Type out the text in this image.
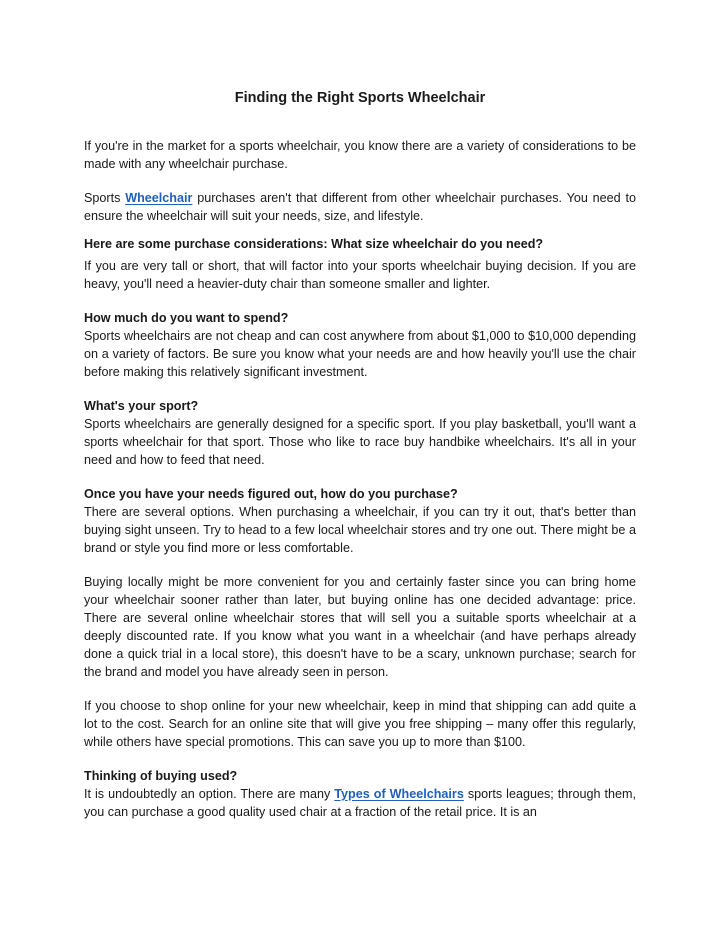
Finding the Right Sports Wheelchair

If you're in the market for a sports wheelchair, you know there are a variety of considerations to be made with any wheelchair purchase.

Sports Wheelchair purchases aren't that different from other wheelchair purchases. You need to ensure the wheelchair will suit your needs, size, and lifestyle.

Here are some purchase considerations: What size wheelchair do you need?

If you are very tall or short, that will factor into your sports wheelchair buying decision. If you are heavy, you'll need a heavier-duty chair than someone smaller and lighter.

How much do you want to spend?

Sports wheelchairs are not cheap and can cost anywhere from about $1,000 to $10,000 depending on a variety of factors. Be sure you know what your needs are and how heavily you'll use the chair before making this relatively significant investment.

What's your sport?

Sports wheelchairs are generally designed for a specific sport. If you play basketball, you'll want a sports wheelchair for that sport. Those who like to race buy handbike wheelchairs. It's all in your need and how to feed that need.

Once you have your needs figured out, how do you purchase?

There are several options. When purchasing a wheelchair, if you can try it out, that's better than buying sight unseen. Try to head to a few local wheelchair stores and try one out. There might be a brand or style you find more or less comfortable.

Buying locally might be more convenient for you and certainly faster since you can bring home your wheelchair sooner rather than later, but buying online has one decided advantage: price. There are several online wheelchair stores that will sell you a suitable sports wheelchair at a deeply discounted rate. If you know what you want in a wheelchair (and have perhaps already done a quick trial in a local store), this doesn't have to be a scary, unknown purchase; search for the brand and model you have already seen in person.

If you choose to shop online for your new wheelchair, keep in mind that shipping can add quite a lot to the cost. Search for an online site that will give you free shipping – many offer this regularly, while others have special promotions. This can save you up to more than $100.

Thinking of buying used?

It is undoubtedly an option. There are many Types of Wheelchairs sports leagues; through them, you can purchase a good quality used chair at a fraction of the retail price. It is an
